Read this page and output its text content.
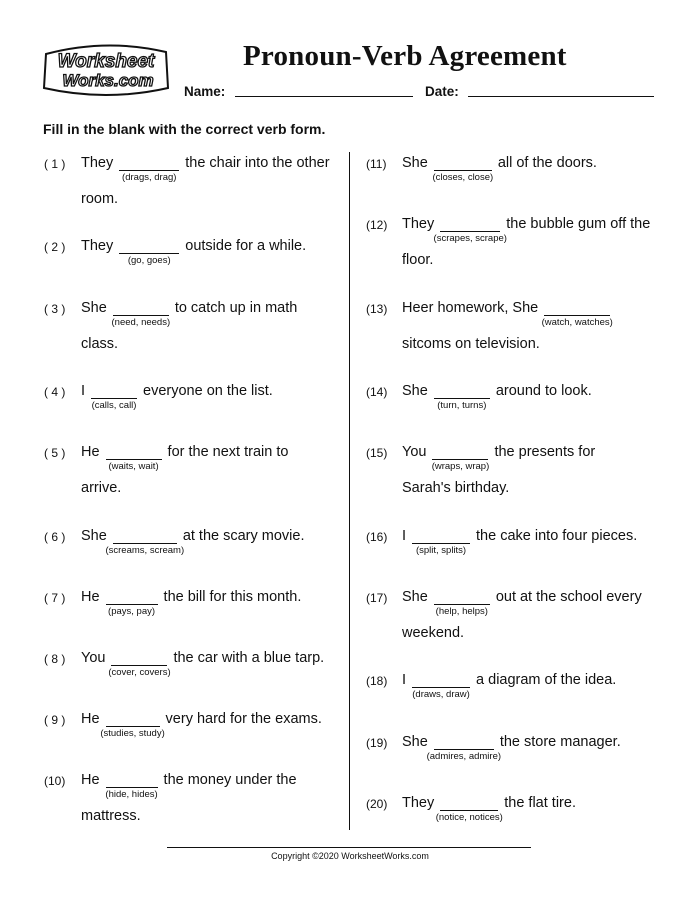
Worksheet
Works.com
Pronoun-Verb Agreement
Name:	Date:
Fill in the blank with the correct verb form.
( 1 ) They
(drags, drag)
the chair into the other
room.
( 2 ) They
(go, goes)
outside for a while.
( 3 ) She
(need, needs)
to catch up in math
class.
( 4 ) I
(calls, call)
everyone on the list.
( 5 ) He
(waits, wait)
for the next train to
arrive.
( 6 ) She
(screams, scream)
at the scary movie.
( 7 ) He
(pays, pay)
the bill for this month.
( 8 ) You
(cover, covers)
the car with a blue tarp.
( 9 ) He
(studies, study)
very hard for the exams.
(10) He
(hide, hides)
the money under the
mattress.
(11) She
(closes, close)
all of the doors.
(12) They
(scrapes, scrape)
the bubble gum off the
floor.
(13) Heer homework, She
(watch, watches)
sitcoms on television.
(14) She
(turn, turns)
around to look.
(15) You
(wraps, wrap)
the presents for
Sarah's birthday.
(16) I
(split, splits)
the cake into four pieces.
(17) She
(help, helps)
out at the school every
weekend.
(18) I
(draws, draw)
a diagram of the idea.
(19) She
(admires, admire)
the store manager.
(20) They
(notice, notices)
the flat tire.
Copyright ©2020 WorksheetWorks.com
